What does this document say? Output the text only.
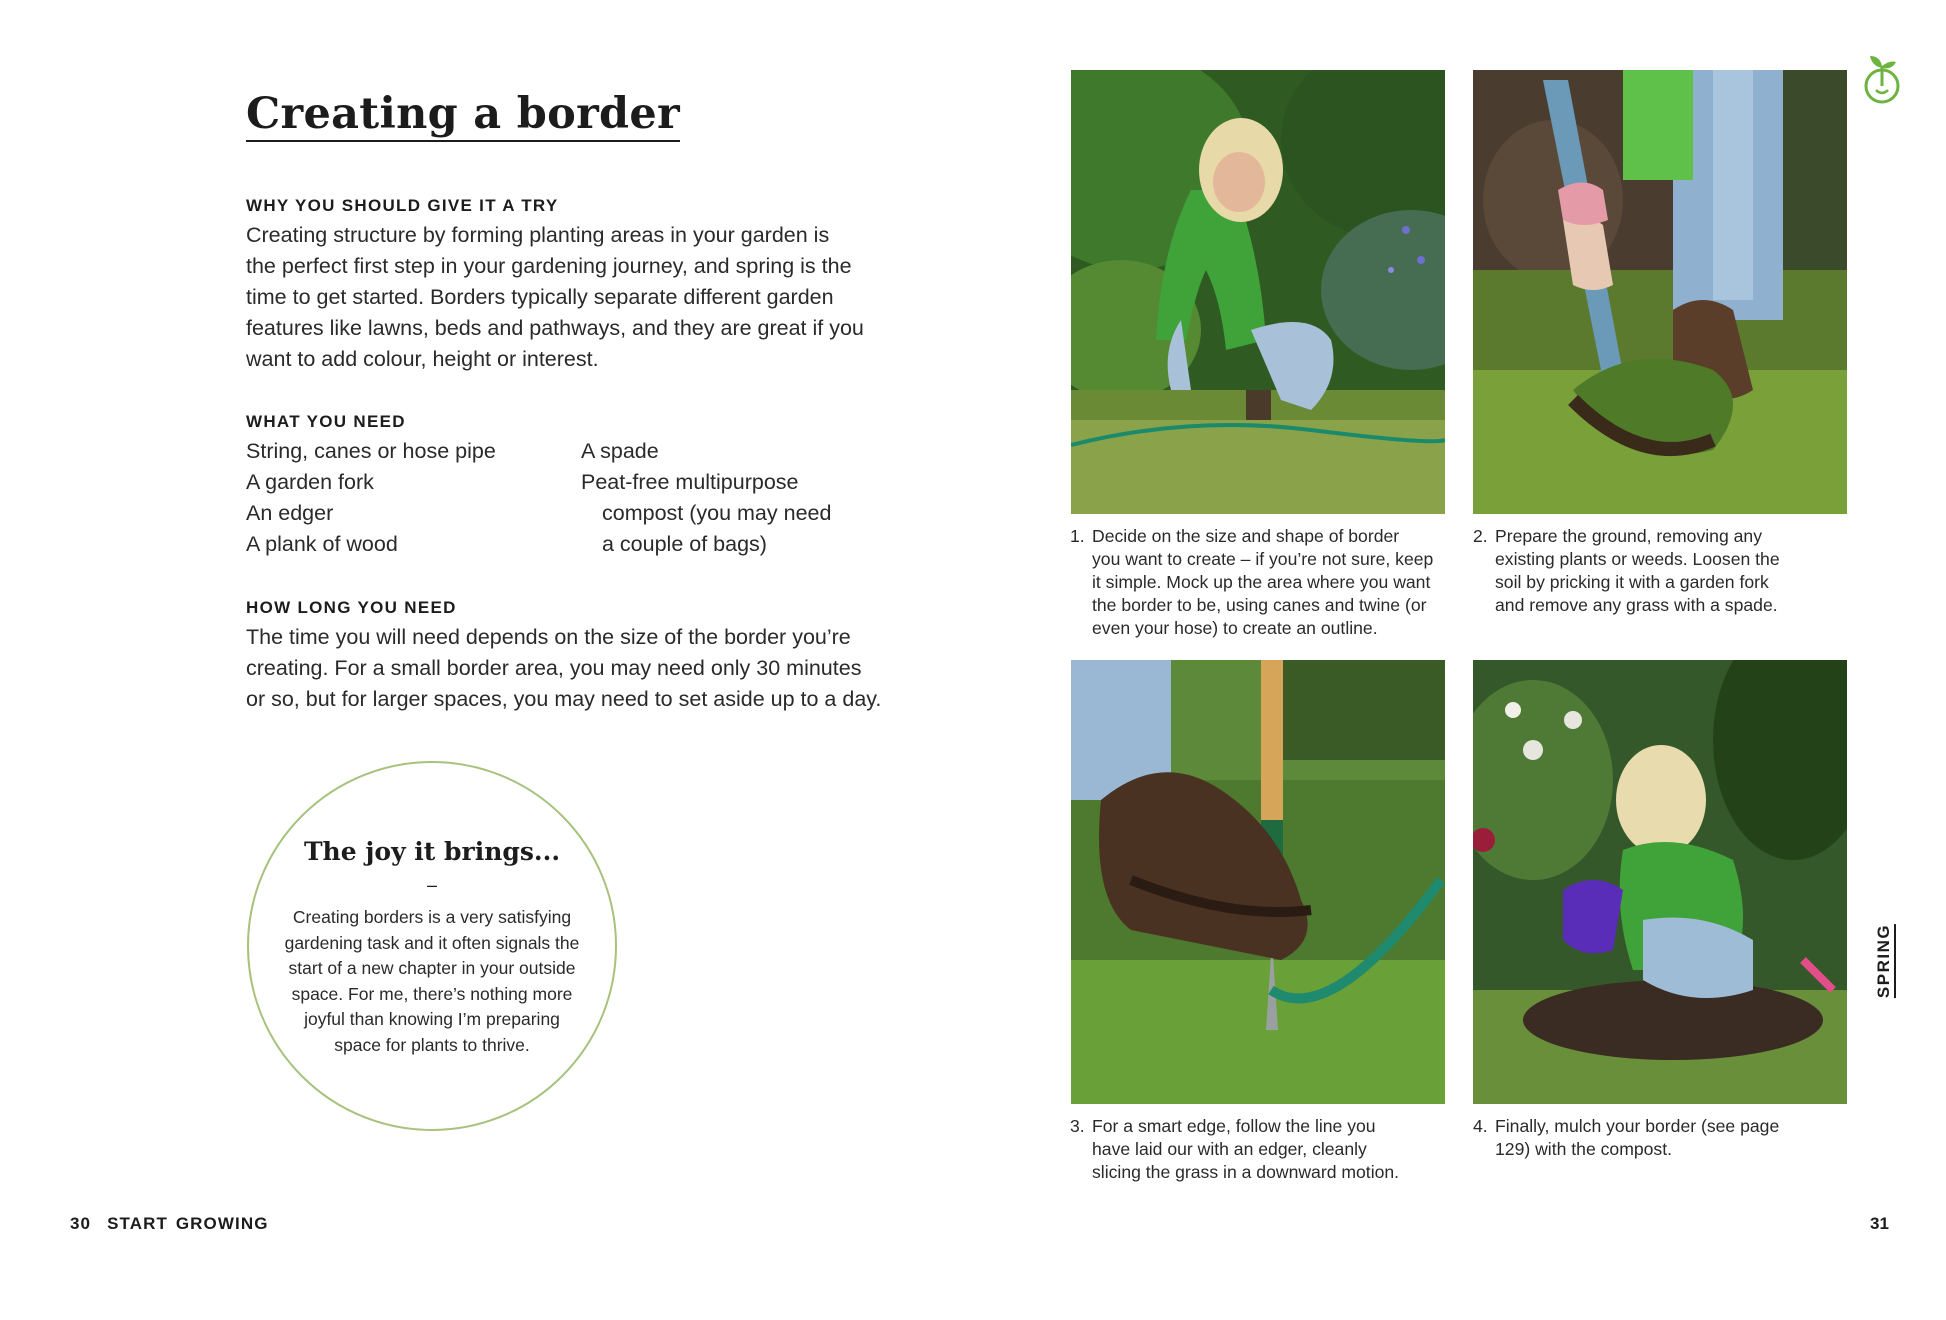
Creating a border
WHY YOU SHOULD GIVE IT A TRY
Creating structure by forming planting areas in your garden is
the perfect first step in your gardening journey, and spring is the
time to get started. Borders typically separate different garden
features like lawns, beds and pathways, and they are great if you
want to add colour, height or interest.
WHAT YOU NEED
String, canes or hose pipe
A garden fork
An edger
A plank of wood
A spade
Peat-free multipurpose
compost (you may need
a couple of bags)
HOW LONG YOU NEED
The time you will need depends on the size of the border you’re
creating. For a small border area, you may need only 30 minutes
or so, but for larger spaces, you may need to set aside up to a day.
The joy it brings...
–
Creating borders is a very satisfying
gardening task and it often signals the
start of a new chapter in your outside
space. For me, there’s nothing more
joyful than knowing I’m preparing
space for plants to thrive.
30 START GROWING
1. Decide on the size and shape of border
you want to create – if you’re not sure, keep
it simple. Mock up the area where you want
the border to be, using canes and twine (or
even your hose) to create an outline.
2. Prepare the ground, removing any
existing plants or weeds. Loosen the
soil by pricking it with a garden fork
and remove any grass with a spade.
3. For a smart edge, follow the line you
have laid our with an edger, cleanly
slicing the grass in a downward motion.
4. Finally, mulch your border (see page
129) with the compost.
SPRING
31
